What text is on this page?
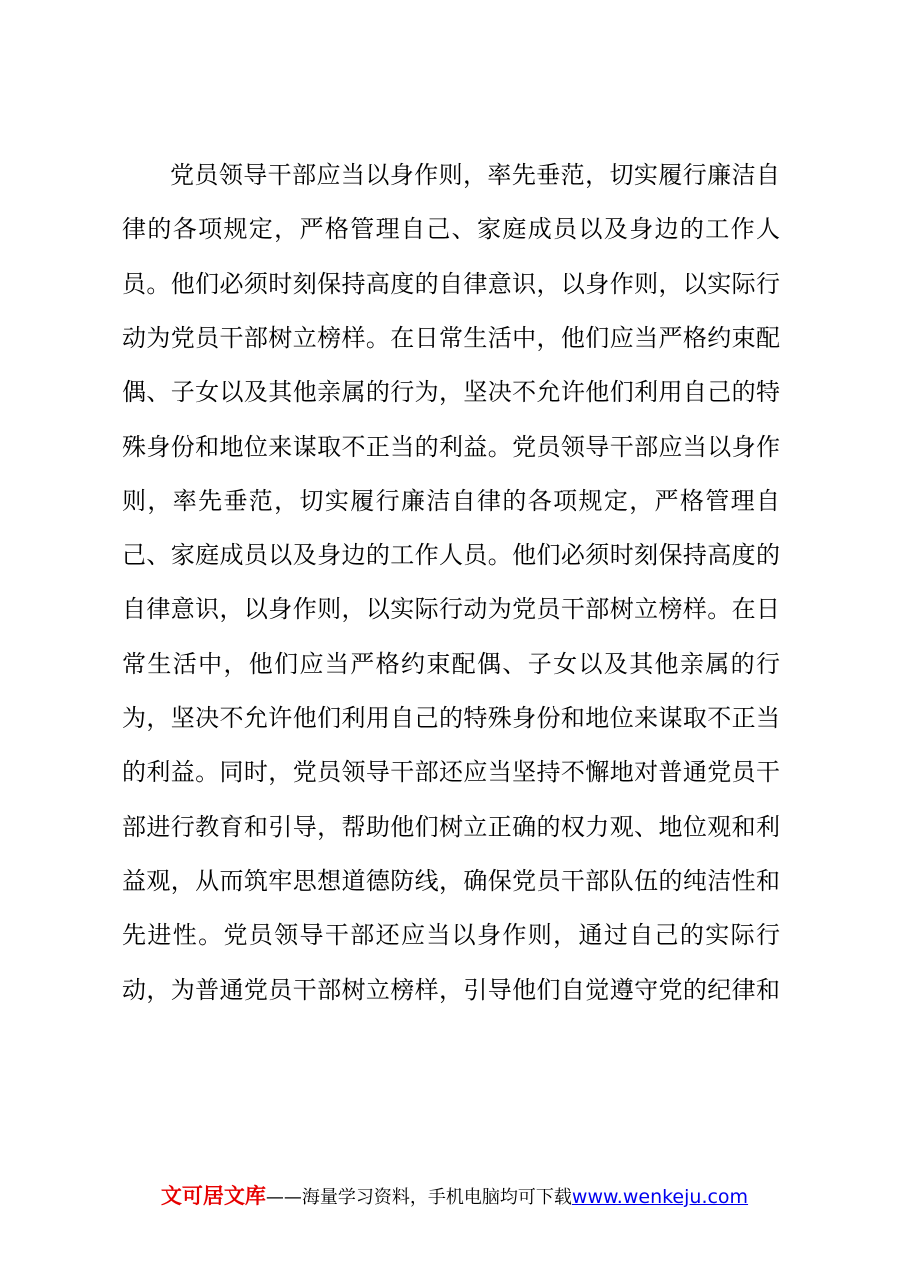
党员领导干部应当以身作则，率先垂范，切实履行廉洁自
律的各项规定，严格管理自己、家庭成员以及身边的工作人
员。他们必须时刻保持高度的自律意识，以身作则，以实际行
动为党员干部树立榜样。在日常生活中，他们应当严格约束配
偶、子女以及其他亲属的行为，坚决不允许他们利用自己的特
殊身份和地位来谋取不正当的利益。党员领导干部应当以身作
则，率先垂范，切实履行廉洁自律的各项规定，严格管理自
己、家庭成员以及身边的工作人员。他们必须时刻保持高度的
自律意识，以身作则，以实际行动为党员干部树立榜样。在日
常生活中，他们应当严格约束配偶、子女以及其他亲属的行
为，坚决不允许他们利用自己的特殊身份和地位来谋取不正当
的利益。同时，党员领导干部还应当坚持不懈地对普通党员干
部进行教育和引导，帮助他们树立正确的权力观、地位观和利
益观，从而筑牢思想道德防线，确保党员干部队伍的纯洁性和
先进性。党员领导干部还应当以身作则，通过自己的实际行
动，为普通党员干部树立榜样，引导他们自觉遵守党的纪律和
文可居文库——海量学习资料，手机电脑均可下载www.wenkeju.com
